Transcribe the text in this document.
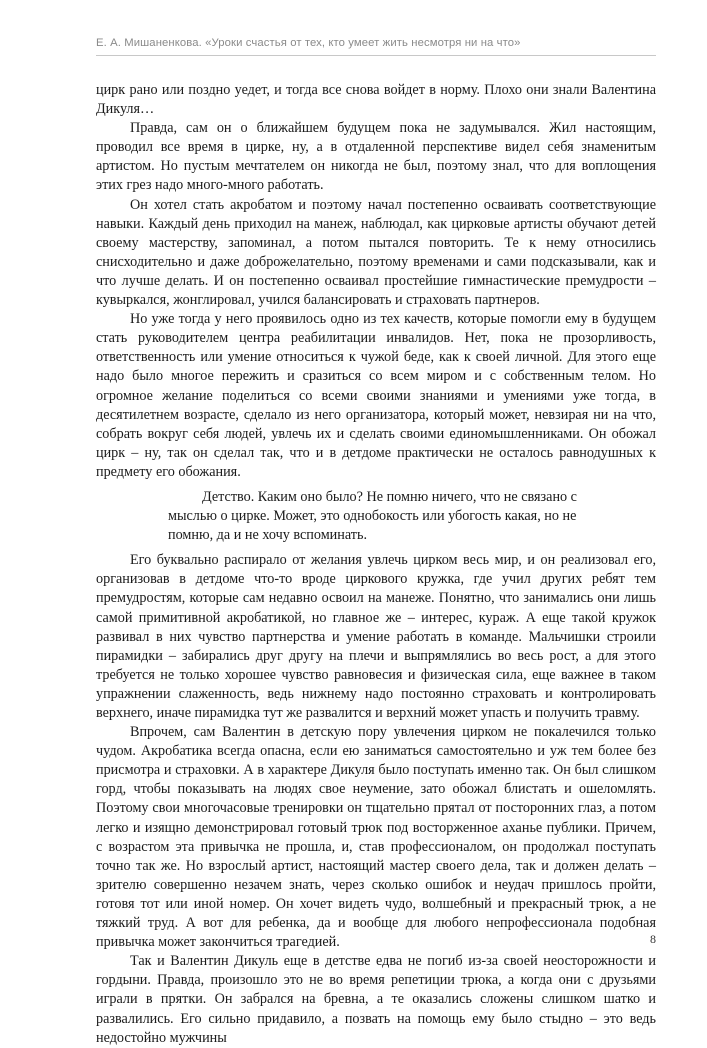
Е. А. Мишаненкова. «Уроки счастья от тех, кто умеет жить несмотря ни на что»

цирк рано или поздно уедет, и тогда все снова войдет в норму. Плохо они знали Валентина Дикуля…

Правда, сам он о ближайшем будущем пока не задумывался. Жил настоящим, проводил все время в цирке, ну, а в отдаленной перспективе видел себя знаменитым артистом. Но пустым мечтателем он никогда не был, поэтому знал, что для воплощения этих грез надо много-много работать.

Он хотел стать акробатом и поэтому начал постепенно осваивать соответствующие навыки. Каждый день приходил на манеж, наблюдал, как цирковые артисты обучают детей своему мастерству, запоминал, а потом пытался повторить. Те к нему относились снисходительно и даже доброжелательно, поэтому временами и сами подсказывали, как и что лучше делать. И он постепенно осваивал простейшие гимнастические премудрости – кувыркался, жонглировал, учился балансировать и страховать партнеров.

Но уже тогда у него проявилось одно из тех качеств, которые помогли ему в будущем стать руководителем центра реабилитации инвалидов. Нет, пока не прозорливость, ответственность или умение относиться к чужой беде, как к своей личной. Для этого еще надо было многое пережить и сразиться со всем миром и с собственным телом. Но огромное желание поделиться со всеми своими знаниями и умениями уже тогда, в десятилетнем возрасте, сделало из него организатора, который может, невзирая ни на что, собрать вокруг себя людей, увлечь их и сделать своими единомышленниками. Он обожал цирк – ну, так он сделал так, что и в детдоме практически не осталось равнодушных к предмету его обожания.

Детство. Каким оно было? Не помню ничего, что не связано с мыслью о цирке. Может, это однобокость или убогость какая, но не помню, да и не хочу вспоминать.

Его буквально распирало от желания увлечь цирком весь мир, и он реализовал его, организовав в детдоме что-то вроде циркового кружка, где учил других ребят тем премудростям, которые сам недавно освоил на манеже. Понятно, что занимались они лишь самой примитивной акробатикой, но главное же – интерес, кураж. А еще такой кружок развивал в них чувство партнерства и умение работать в команде. Мальчишки строили пирамидки – забирались друг другу на плечи и выпрямлялись во весь рост, а для этого требуется не только хорошее чувство равновесия и физическая сила, еще важнее в таком упражнении слаженность, ведь нижнему надо постоянно страховать и контролировать верхнего, иначе пирамидка тут же развалится и верхний может упасть и получить травму.

Впрочем, сам Валентин в детскую пору увлечения цирком не покалечился только чудом. Акробатика всегда опасна, если ею заниматься самостоятельно и уж тем более без присмотра и страховки. А в характере Дикуля было поступать именно так. Он был слишком горд, чтобы показывать на людях свое неумение, зато обожал блистать и ошеломлять. Поэтому свои многочасовые тренировки он тщательно прятал от посторонних глаз, а потом легко и изящно демонстрировал готовый трюк под восторженное аханье публики. Причем, с возрастом эта привычка не прошла, и, став профессионалом, он продолжал поступать точно так же. Но взрослый артист, настоящий мастер своего дела, так и должен делать – зрителю совершенно незачем знать, через сколько ошибок и неудач пришлось пройти, готовя тот или иной номер. Он хочет видеть чудо, волшебный и прекрасный трюк, а не тяжкий труд. А вот для ребенка, да и вообще для любого непрофессионала подобная привычка может закончиться трагедией.

Так и Валентин Дикуль еще в детстве едва не погиб из-за своей неосторожности и гордыни. Правда, произошло это не во время репетиции трюка, а когда они с друзьями играли в прятки. Он забрался на бревна, а те оказались сложены слишком шатко и развалились. Его сильно придавило, а позвать на помощь ему было стыдно – это ведь недостойно мужчины

8
